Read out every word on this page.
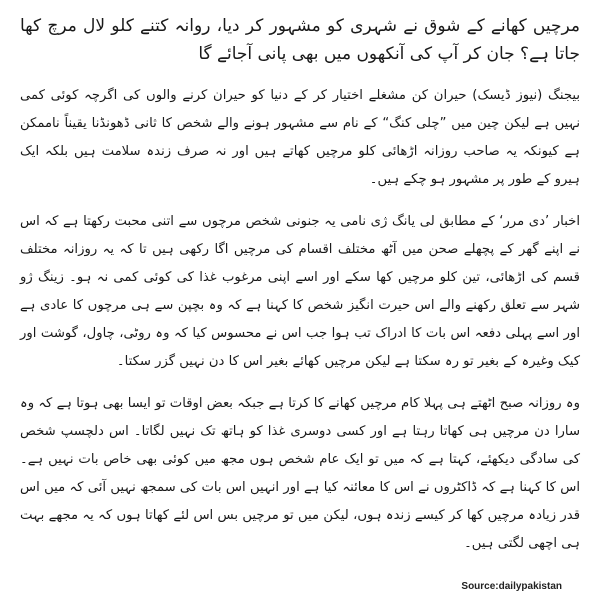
مرچیں کھانے کے شوق نے شہری کو مشہور کر دیا، روانہ کتنے کلو لال مرچ کھا جاتا ہے؟ جان کر آپ کی آنکھوں میں بھی پانی آجائے گا

بیجنگ (نیوز ڈیسک) حیران کن مشغلے اختیار کر کے دنیا کو حیران کرنے والوں کی اگرچہ کوئی کمی نہیں ہے لیکن چین میں ”چلی کنگ“ کے نام سے مشہور ہونے والے شخص کا ثانی ڈھونڈنا یقیناً ناممکن ہے کیونکہ یہ صاحب روزانہ اڑھائی کلو مرچیں کھاتے ہیں اور نہ صرف زندہ سلامت ہیں بلکہ ایک ہیرو کے طور پر مشہور ہو چکے ہیں۔

اخبار ’دی مرر‘ کے مطابق لی یانگ ژی نامی یہ جنونی شخص مرچوں سے اتنی محبت رکھتا ہے کہ اس نے اپنے گھر کے پچھلے صحن میں آٹھ مختلف اقسام کی مرچیں اگا رکھی ہیں تا کہ یہ روزانہ مختلف قسم کی اڑھائی، تین کلو مرچیں کھا سکے اور اسے اپنی مرغوب غذا کی کوئی کمی نہ ہو۔ زینگ ژو شہر سے تعلق رکھنے والے اس حیرت انگیز شخص کا کہنا ہے کہ وہ بچپن سے ہی مرچوں کا عادی ہے اور اسے پہلی دفعہ اس بات کا ادراک تب ہوا جب اس نے محسوس کیا کہ وہ روٹی، چاول، گوشت اور کیک وغیرہ کے بغیر تو رہ سکتا ہے لیکن مرچیں کھائے بغیر اس کا دن نہیں گزر سکتا۔

وہ روزانہ صبح اٹھتے ہی پہلا کام مرچیں کھانے کا کرتا ہے جبکہ بعض اوقات تو ایسا بھی ہوتا ہے کہ وہ سارا دن مرچیں ہی کھاتا رہتا ہے اور کسی دوسری غذا کو ہاتھ تک نہیں لگاتا۔ اس دلچسپ شخص کی سادگی دیکھئے، کہتا ہے کہ میں تو ایک عام شخص ہوں مجھ میں کوئی بھی خاص بات نہیں ہے۔ اس کا کہنا ہے کہ ڈاکٹروں نے اس کا معائنہ کیا ہے اور انہیں اس بات کی سمجھ نہیں آئی کہ میں اس قدر زیادہ مرچیں کھا کر کیسے زندہ ہوں، لیکن میں تو مرچیں بس اس لئے کھاتا ہوں کہ یہ مجھے بہت ہی اچھی لگتی ہیں۔

Source:dailypakistan
